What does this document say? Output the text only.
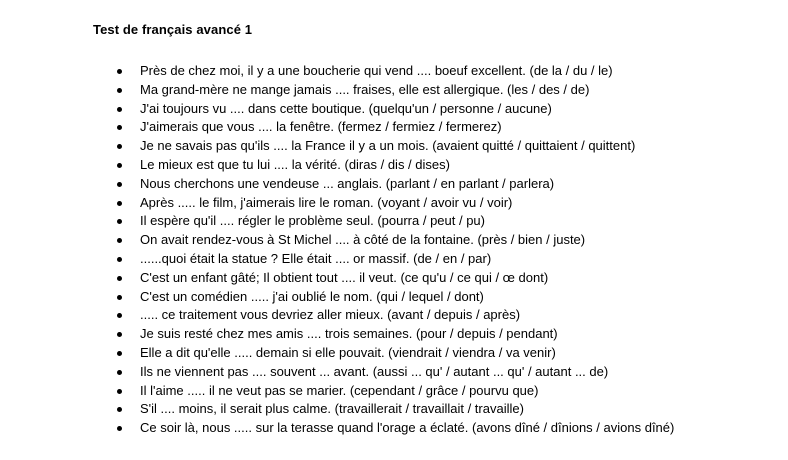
Test de français avancé 1
Près de chez moi, il y a une boucherie qui vend .... boeuf excellent. (de la / du / le)
Ma grand-mère ne mange jamais .... fraises, elle est allergique. (les / des / de)
J'ai toujours vu .... dans cette boutique. (quelqu'un / personne / aucune)
J'aimerais que vous .... la fenêtre. (fermez / fermiez / fermerez)
Je ne savais pas qu'ils .... la France il y a un mois. (avaient quitté / quittaient / quittent)
Le mieux est que tu lui .... la vérité. (diras / dis / dises)
Nous cherchons une vendeuse ... anglais. (parlant / en parlant / parlera)
Après ..... le film, j'aimerais lire le roman. (voyant / avoir vu / voir)
Il espère qu'il .... régler le problème seul. (pourra / peut / pu)
On avait rendez-vous à St Michel .... à côté de la fontaine. (près / bien / juste)
......quoi était la statue ? Elle était .... or massif. (de / en / par)
C'est un enfant gâté; Il obtient tout .... il veut. (ce qu'u / ce qui / œ dont)
C'est un comédien ..... j'ai oublié le nom. (qui / lequel / dont)
..... ce traitement vous devriez aller mieux. (avant / depuis / après)
Je suis resté chez mes amis .... trois semaines. (pour / depuis / pendant)
Elle a dit qu'elle ..... demain si elle pouvait. (viendrait / viendra / va venir)
Ils ne viennent pas .... souvent ... avant. (aussi ... qu' / autant ... qu' / autant ... de)
Il l'aime ..... il ne veut pas se marier. (cependant / grâce / pourvu que)
S'il .... moins, il serait plus calme. (travaillerait / travaillait / travaille)
Ce soir là, nous ..... sur la terasse quand l'orage a éclaté. (avons dîné / dînions / avions dîné)
